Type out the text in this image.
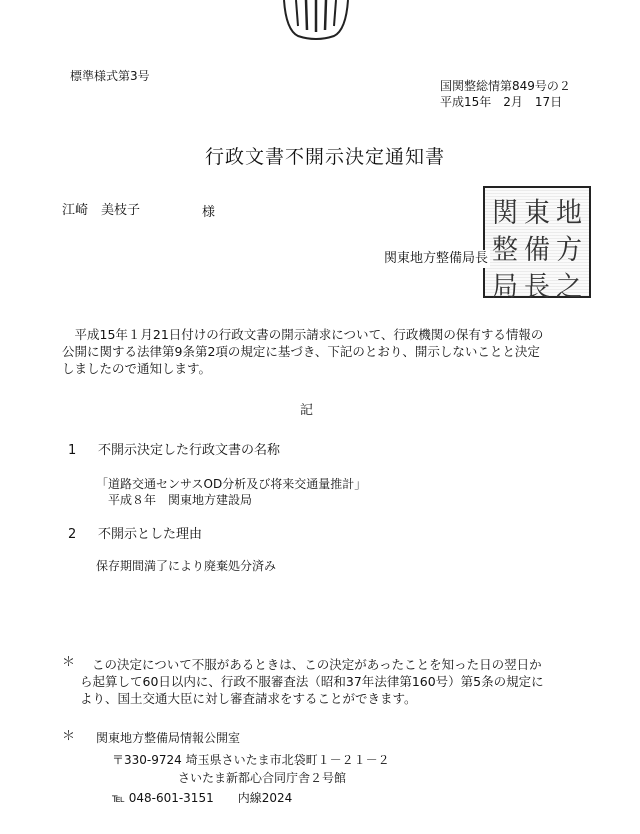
標準様式第3号
国関整総情第849号の２
平成15年　2月　17日
行政文書不開示決定通知書
江崎　美枝子	様	関 東 地
整 備 方
局 長 之
関東地方整備局長
　平成15年１月21日付けの行政文書の開示請求について、行政機関の保有する情報の公開に関する法律第9条第2項の規定に基づき、下記のとおり、開示しないことと決定しましたので通知します。
記
1 不開示決定した行政文書の名称
「道路交通センサスOD分析及び将来交通量推計」
　平成８年　関東地方建設局
2 不開示とした理由
保存期間満了により廃棄処分済み
＊	この決定について不服があるときは、この決定があったことを知った日の翌日から起算して60日以内に、行政不服審査法（昭和37年法律第160号）第5条の規定により、国土交通大臣に対し審査請求をすることができます。
＊ 関東地方整備局情報公開室
〒330-9724 埼玉県さいたま市北袋町１－２１－２
さいたま新都心合同庁舎２号館
℡ 048-601-3151　　内線2024
